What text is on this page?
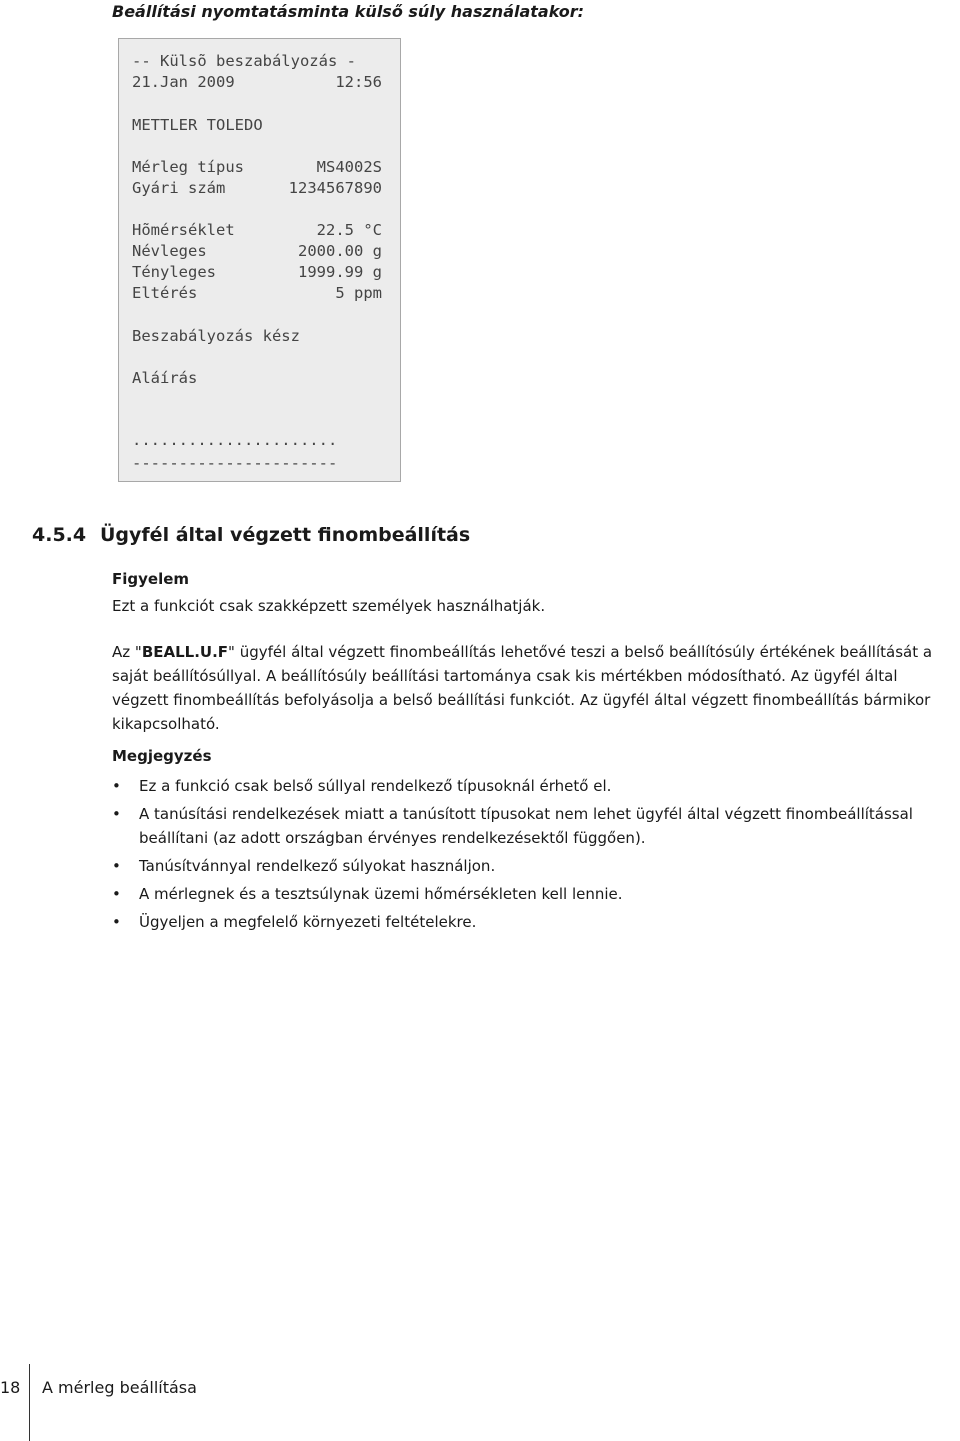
Beállítási nyomtatásminta külső súly használatakor:
-- Külsõ beszabályozás -
21.Jan 2009	12:56
METTLER TOLEDO
Mérleg típus	MS4002S
Gyári szám	1234567890
Hõmérséklet	22.5 °C
Névleges	2000.00 g
Tényleges	1999.99 g
Eltérés	5 ppm
Beszabályozás kész
Aláírás
......................
----------------------
4.5.4 Ügyfél által végzett finombeállítás
Figyelem
Ezt a funkciót csak szakképzett személyek használhatják.
Az "BEALL.U.F" ügyfél által végzett finombeállítás lehetővé teszi a belső beállítósúly értékének beállítását a saját beállítósúllyal. A beállítósúly beállítási tartománya csak kis mértékben módosítható. Az ügyfél által végzett finombeállítás befolyásolja a belső beállítási funkciót. Az ügyfél által végzett finombeállítás bármikor kikapcsolható.
Megjegyzés
• Ez a funkció csak belső súllyal rendelkező típusoknál érhető el.
• A tanúsítási rendelkezések miatt a tanúsított típusokat nem lehet ügyfél által végzett finombeállítással beállítani (az adott országban érvényes rendelkezésektől függően).
• Tanúsítvánnyal rendelkező súlyokat használjon.
• A mérlegnek és a tesztsúlynak üzemi hőmérsékleten kell lennie.
• Ügyeljen a megfelelő környezeti feltételekre.
18 A mérleg beállítása
